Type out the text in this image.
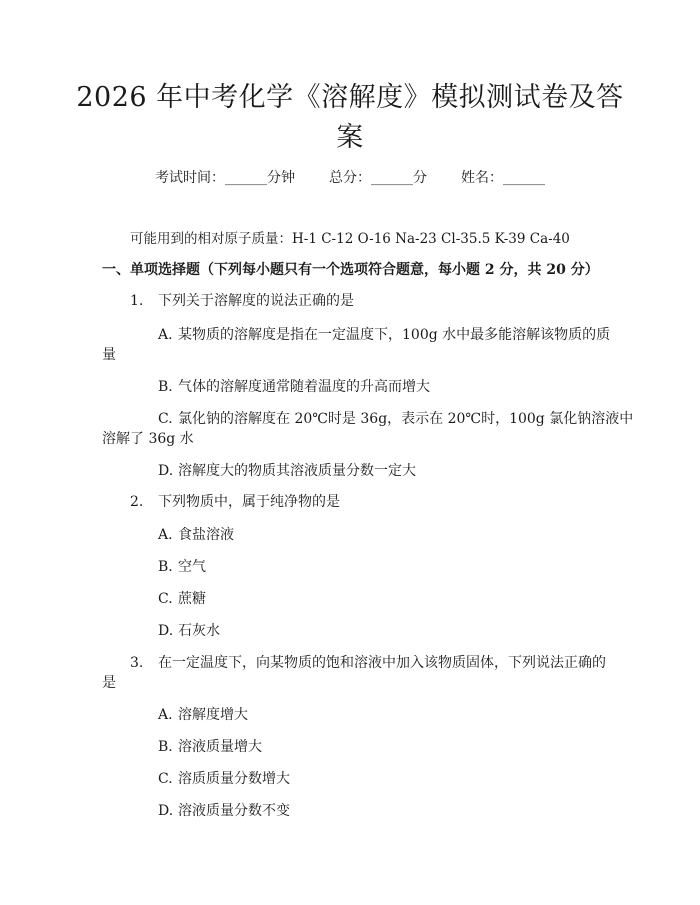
2026 年中考化学《溶解度》模拟测试卷及答
案
考试时间：______分钟 总分：______分 姓名：______
可能用到的相对原子质量：H-1 C-12 O-16 Na-23 Cl-35.5 K-39 Ca-40
一、单项选择题（下列每小题只有一个选项符合题意，每小题 2 分，共 20 分）
1. 下列关于溶解度的说法正确的是
A. 某物质的溶解度是指在一定温度下，100g 水中最多能溶解该物质的质
量
B. 气体的溶解度通常随着温度的升高而增大
C. 氯化钠的溶解度在 20℃时是 36g，表示在 20℃时，100g 氯化钠溶液中
溶解了 36g 水
D. 溶解度大的物质其溶液质量分数一定大
2. 下列物质中，属于纯净物的是
A. 食盐溶液
B. 空气
C. 蔗糖
D. 石灰水
3. 在一定温度下，向某物质的饱和溶液中加入该物质固体，下列说法正确的
是
A. 溶解度增大
B. 溶液质量增大
C. 溶质质量分数增大
D. 溶液质量分数不变
